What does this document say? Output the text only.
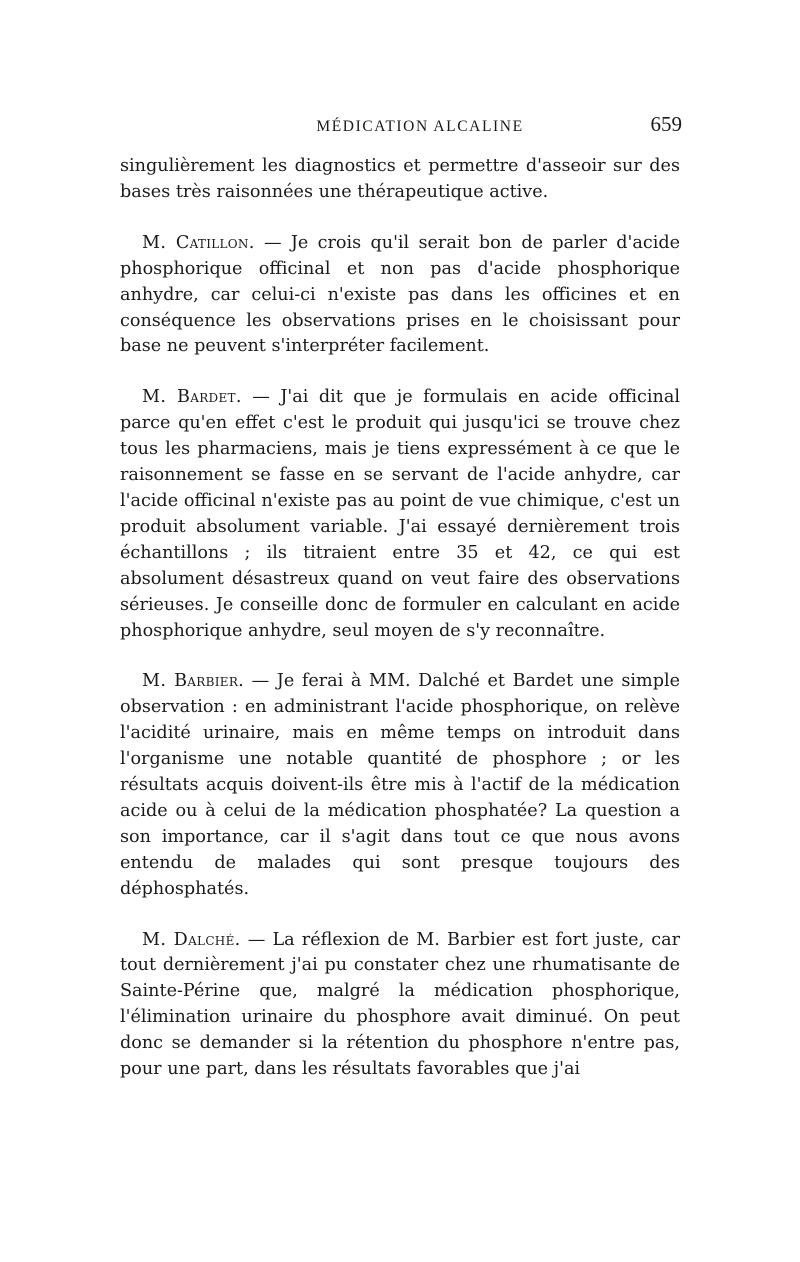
MÉDICATION ALCALINE	659

singulièrement les diagnostics et permettre d'asseoir sur des bases très raisonnées une thérapeutique active.

M. Catillon. — Je crois qu'il serait bon de parler d'acide phosphorique officinal et non pas d'acide phosphorique anhydre, car celui-ci n'existe pas dans les officines et en conséquence les observations prises en le choisissant pour base ne peuvent s'interpréter facilement.

M. Bardet. — J'ai dit que je formulais en acide officinal parce qu'en effet c'est le produit qui jusqu'ici se trouve chez tous les pharmaciens, mais je tiens expressément à ce que le raisonnement se fasse en se servant de l'acide anhydre, car l'acide officinal n'existe pas au point de vue chimique, c'est un produit absolument variable. J'ai essayé dernièrement trois échantillons ; ils titraient entre 35 et 42, ce qui est absolument désastreux quand on veut faire des observations sérieuses. Je conseille donc de formuler en calculant en acide phosphorique anhydre, seul moyen de s'y reconnaître.

M. Barbier. — Je ferai à MM. Dalché et Bardet une simple observation : en administrant l'acide phosphorique, on relève l'acidité urinaire, mais en même temps on introduit dans l'organisme une notable quantité de phosphore ; or les résultats acquis doivent-ils être mis à l'actif de la médication acide ou à celui de la médication phosphatée? La question a son importance, car il s'agit dans tout ce que nous avons entendu de malades qui sont presque toujours des déphosphatés.

M. Dalché. — La réflexion de M. Barbier est fort juste, car tout dernièrement j'ai pu constater chez une rhumatisante de Sainte-Périne que, malgré la médication phosphorique, l'élimination urinaire du phosphore avait diminué. On peut donc se demander si la rétention du phosphore n'entre pas, pour une part, dans les résultats favorables que j'ai
